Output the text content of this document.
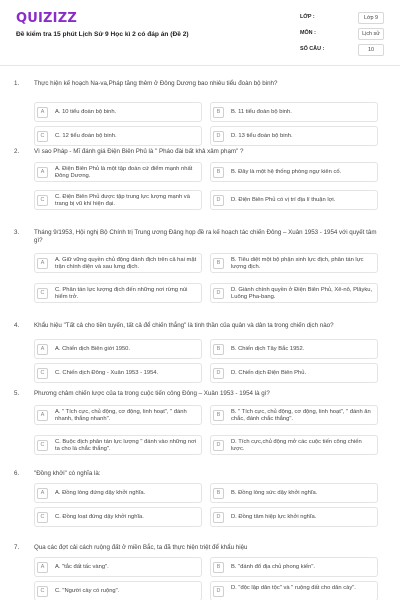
QUIZIZZ
Đề kiểm tra 15 phút Lịch Sử 9 Học kì 2 có đáp án (Đề 2)
LỚP :	Lớp 9
MÔN :	Lịch sử
SỐ CÂU :	10
1. Thực hiện kế hoạch Na-va,Pháp tăng thêm ở Đông Dương bao nhiêu tiểu đoàn bộ binh?
A	A. 10 tiểu đoàn bộ binh.	B	B. 11 tiểu đoàn bộ binh.
C	C. 12 tiểu đoàn bộ binh.	D	D. 13 tiểu đoàn bộ binh.
2. Vì sao Pháp - Mĩ đánh giá Điện Biên Phủ là " Pháo đài bất khả xâm phạm" ?
A	A. Điện Biên Phủ là một tập đoàn cứ điểm mạnh nhất Đông Dương.
B	B. Đây là một hệ thống phòng ngự kiên cố.
C	C. Điện Biên Phủ được tập trung lực lượng mạnh và trang bị vũ khí hiện đại.
D	D. Điện Biên Phủ có vị trí địa lí thuận lợi.
3. Tháng 9/1953, Hội nghị Bộ Chính trị Trung ương Đảng họp đề ra kế hoạch tác chiến Đông – Xuân 1953 - 1954 với quyết tâm gì?
A	A. Giữ vững quyền chủ động đánh địch trên cả hai mặt trận chính diện và sau lưng địch.
B	B. Tiêu diệt một bộ phận sinh lực địch, phân tán lực lượng địch.
C	C. Phân tán lực lượng địch đến những nơi rừng núi hiểm trở.
D	D. Giành chính quyền ở Điện Biên Phủ, Xê-nô, Plâyku, Luông Pha-bang.
4. Khẩu hiệu "Tất cả cho tiền tuyến, tất cả để chiến thắng" là tinh thần của quân và dân ta trong chiến dịch nào?
A	A. Chiến dịch Biên giới 1950.	B	B. Chiến dịch Tây Bắc 1952.
C	C. Chiến dịch Đông - Xuân 1953 - 1954.	D	D. Chiến dịch Điện Biên Phủ.
5. Phương châm chiến lược của ta trong cuộc tiến công Đông – Xuân 1953 - 1954 là gì?
A	A. " Tích cực, chủ động, cơ động, linh hoạt", " đánh nhanh, thắng nhanh".
B	B. " Tích cực, chủ động, cơ động, linh hoạt", " đánh ăn chắc, đánh chắc thắng".
C	C. Buộc địch phân tán lực lượng " đánh vào những nơi ta cho là chắc thắng".
D	D. Tích cực,chủ động mở các cuộc tiến công chiến lược.
6. "Đồng khởi" có nghĩa là:
A	A. Đồng lòng đứng dậy khởi nghĩa.	B	B. Đồng lòng sức dậy khởi nghĩa.
C	C. Đồng loạt đứng dậy khởi nghĩa.	D	D. Đồng tâm hiệp lực khởi nghĩa.
7. Qua các đợt cải cách ruộng đất ở miền Bắc, ta đã thực hiện triệt để khẩu hiệu
A	A. "tắc đất tấc vàng".	B	B. "đánh đổ địa chủ phong kiến".
C	C. "Người cày có ruộng".	D	D. "độc lập dân tộc" và " ruộng đất cho dân cày".
